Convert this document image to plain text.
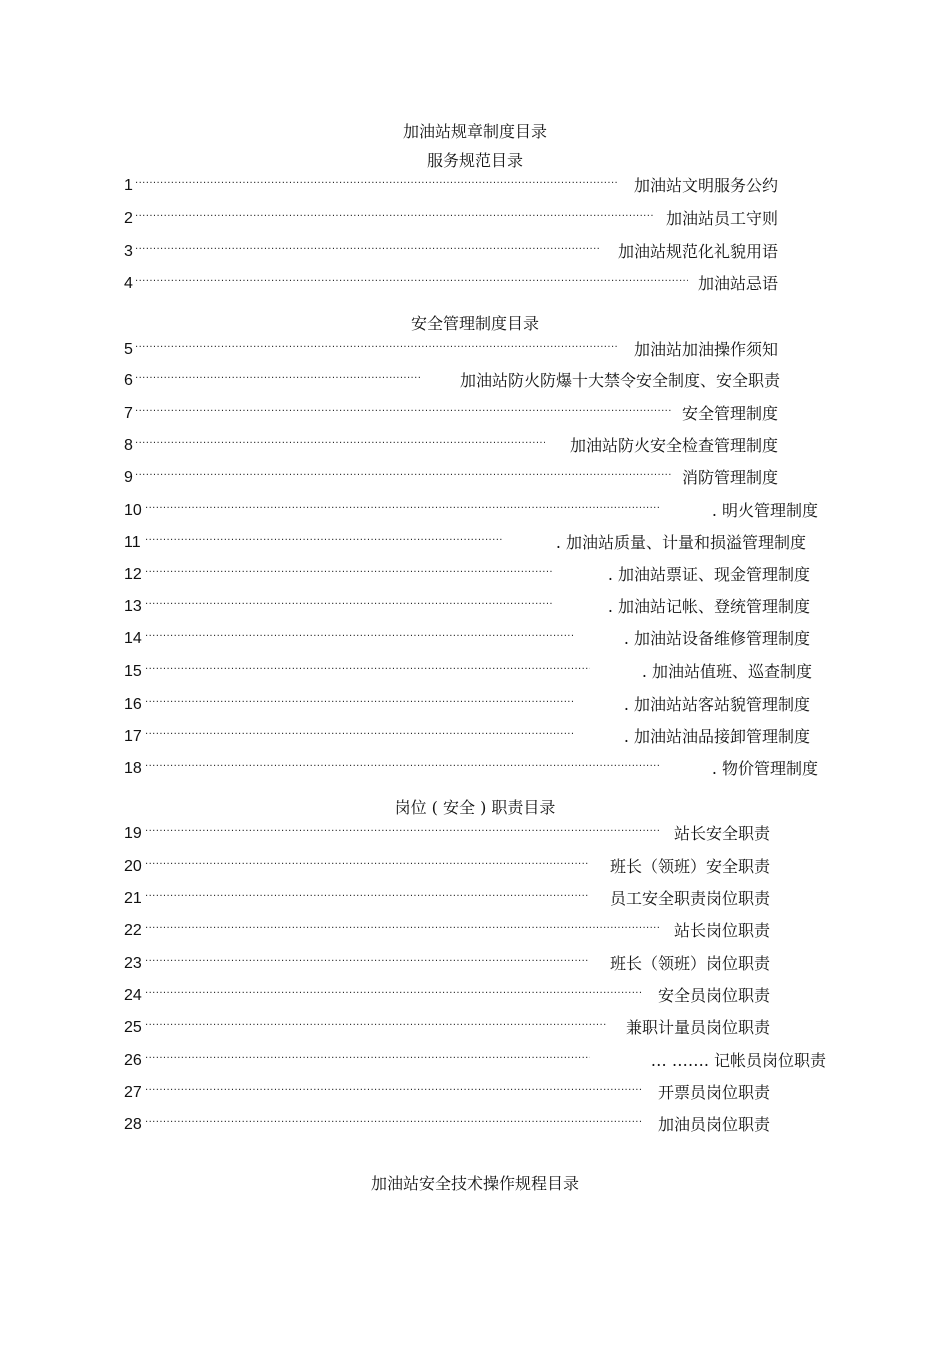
加油站规章制度目录
服务规范目录
1 ·····	加油站文明服务公约
2 ·····	加油站员工守则
3 ·····	加油站规范化礼貌用语
4 ·····	加油站忌语
安全管理制度目录
5 ·····	加油站加油操作须知
6 ·····	加油站防火防爆十大禁令安全制度、安全职责
7 ·····	安全管理制度
8 ·····	加油站防火安全检查管理制度
9 ·····	消防管理制度
10 ·····	. 明火管理制度
11 ·····	. 加油站质量、计量和损溢管理制度
12 ·····	. 加油站票证、现金管理制度
13 ·····	. 加油站记帐、登统管理制度
14 ·····	. 加油站设备维修管理制度
15 ·····	. 加油站值班、巡查制度
16 ·····	. 加油站站客站貌管理制度
17 ·····	. 加油站油品接卸管理制度
18 ·····	. 物价管理制度
岗位 ( 安全 ) 职责目录
19 ·····	站长安全职责
20 ·····	班长（领班）安全职责
21 ·····	员工安全职责岗位职责
22 ·····	站长岗位职责
23 ·····	班长（领班）岗位职责
24 ·····	安全员岗位职责
25 ·····	兼职计量员岗位职责
26 ·····	… ……. 记帐员岗位职责
27 ·····	开票员岗位职责
28 ·····	加油员岗位职责
加油站安全技术操作规程目录
